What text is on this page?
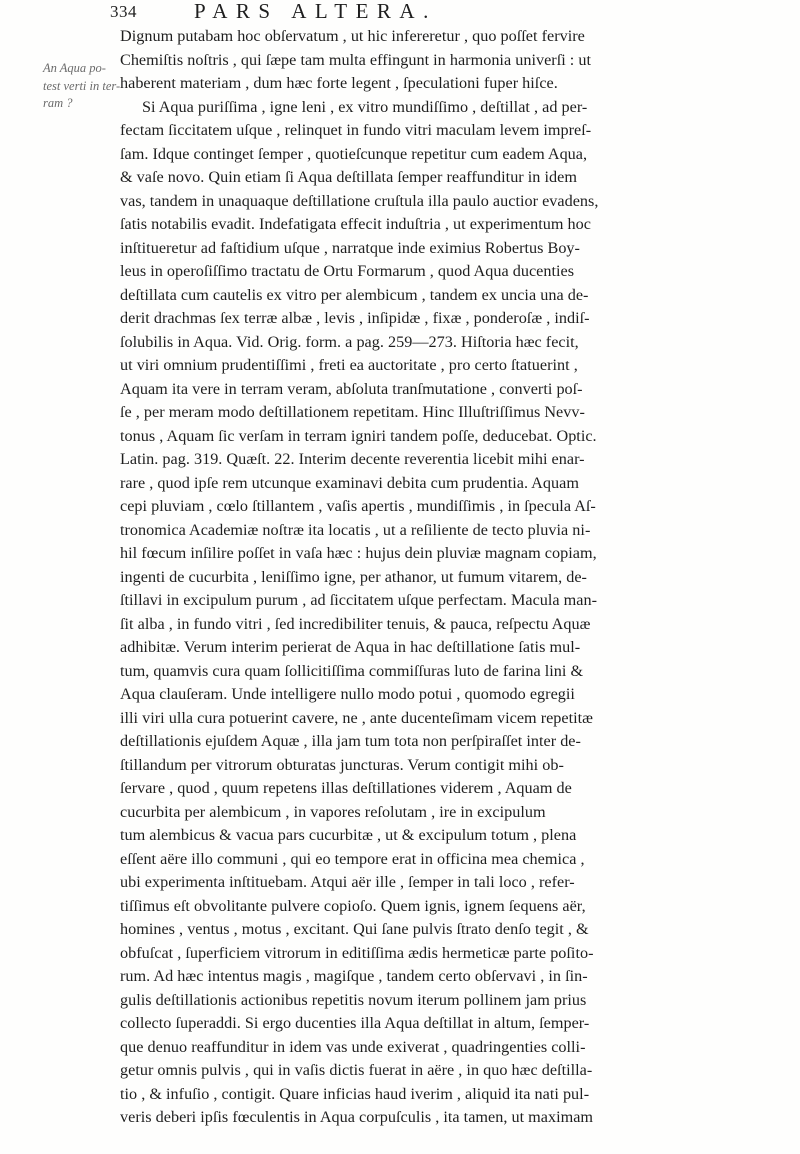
334	PARS ALTERA.
An Aqua po-
test verti in ter-
ram ?
Dignum putabam hoc obſervatum , ut hic infereretur , quo poſſet fervire
Chemiſtis noſtris , qui ſæpe tam multa effingunt in harmonia univerſi : ut
haberent materiam , dum hæc forte legent , ſpeculationi fuper hiſce.
Si Aqua puriſſima , igne leni , ex vitro mundiſſimo , deſtillat , ad per-
fectam ſiccitatem uſque , relinquet in fundo vitri maculam levem impreſ-
ſam. Idque continget ſemper , quotieſcunque repetitur cum eadem Aqua,
& vaſe novo. Quin etiam ſi Aqua deſtillata ſemper reaffunditur in idem
vas, tandem in unaquaque deſtillatione cruſtula illa paulo auctior evadens,
ſatis notabilis evadit. Indefatigata effecit induſtria , ut experimentum hoc
inſtitueretur ad faſtidium uſque , narratque inde eximius Robertus Boy-
leus in operoſiſſimo tractatu de Ortu Formarum , quod Aqua ducenties
deſtillata cum cautelis ex vitro per alembicum , tandem ex uncia una de-
derit drachmas ſex terræ albæ , levis , inſipidæ , fixæ , ponderoſæ , indiſ-
ſolubilis in Aqua. Vid. Orig. form. a pag. 259—273. Hiſtoria hæc fecit,
ut viri omnium prudentiſſimi , freti ea auctoritate , pro certo ſtatuerint ,
Aquam ita vere in terram veram, abſoluta tranſmutatione , converti poſ-
ſe , per meram modo deſtillationem repetitam. Hinc Illuſtriſſimus Nevv-
tonus , Aquam ſic verſam in terram igniri tandem poſſe, deducebat. Optic.
Latin. pag. 319. Quæſt. 22. Interim decente reverentia licebit mihi enar-
rare , quod ipſe rem utcunque examinavi debita cum prudentia. Aquam
cepi pluviam , cœlo ſtillantem , vaſis apertis , mundiſſimis , in ſpecula Aſ-
tronomica Academiæ noſtræ ita locatis , ut a reſiliente de tecto pluvia ni-
hil fœcum inſilire poſſet in vaſa hæc : hujus dein pluviæ magnam copiam,
ingenti de cucurbita , leniſſimo igne, per athanor, ut fumum vitarem, de-
ſtillavi in excipulum purum , ad ſiccitatem uſque perfectam. Macula man-
ſit alba , in fundo vitri , ſed incredibiliter tenuis, & pauca, reſpectu Aquæ
adhibitæ. Verum interim perierat de Aqua in hac deſtillatione ſatis mul-
tum, quamvis cura quam ſollicitiſſima commiſſuras luto de farina lini &
Aqua clauſeram. Unde intelligere nullo modo potui , quomodo egregii
illi viri ulla cura potuerint cavere, ne , ante ducenteſimam vicem repetitæ
deſtillationis ejuſdem Aquæ , illa jam tum tota non perſpiraſſet inter de-
ſtillandum per vitrorum obturatas juncturas. Verum contigit mihi ob-
ſervare , quod , quum repetens illas deſtillationes viderem , Aquam de
cucurbita per alembicum , in vapores reſolutam , ire in excipulum
tum alembicus & vacua pars cucurbitæ , ut & excipulum totum , plena
eſſent aëre illo communi , qui eo tempore erat in officina mea chemica ,
ubi experimenta inſtituebam. Atqui aër ille , ſemper in tali loco , refer-
tiſſimus eſt obvolitante pulvere copioſo. Quem ignis, ignem ſequens aër,
homines , ventus , motus , excitant. Qui ſane pulvis ſtrato denſo tegit , &
obfuſcat , ſuperficiem vitrorum in editiſſima ædis hermeticæ parte poſito-
rum. Ad hæc intentus magis , magiſque , tandem certo obſervavi , in ſin-
gulis deſtillationis actionibus repetitis novum iterum pollinem jam prius
collecto ſuperaddi. Si ergo ducenties illa Aqua deſtillat in altum, ſemper-
que denuo reaffunditur in idem vas unde exiverat , quadringenties colli-
getur omnis pulvis , qui in vaſis dictis fuerat in aëre , in quo hæc deſtilla-
tio , & infuſio , contigit. Quare inficias haud iverim , aliquid ita nati pul-
veris deberi ipſis fœculentis in Aqua corpuſculis , ita tamen, ut maximam
